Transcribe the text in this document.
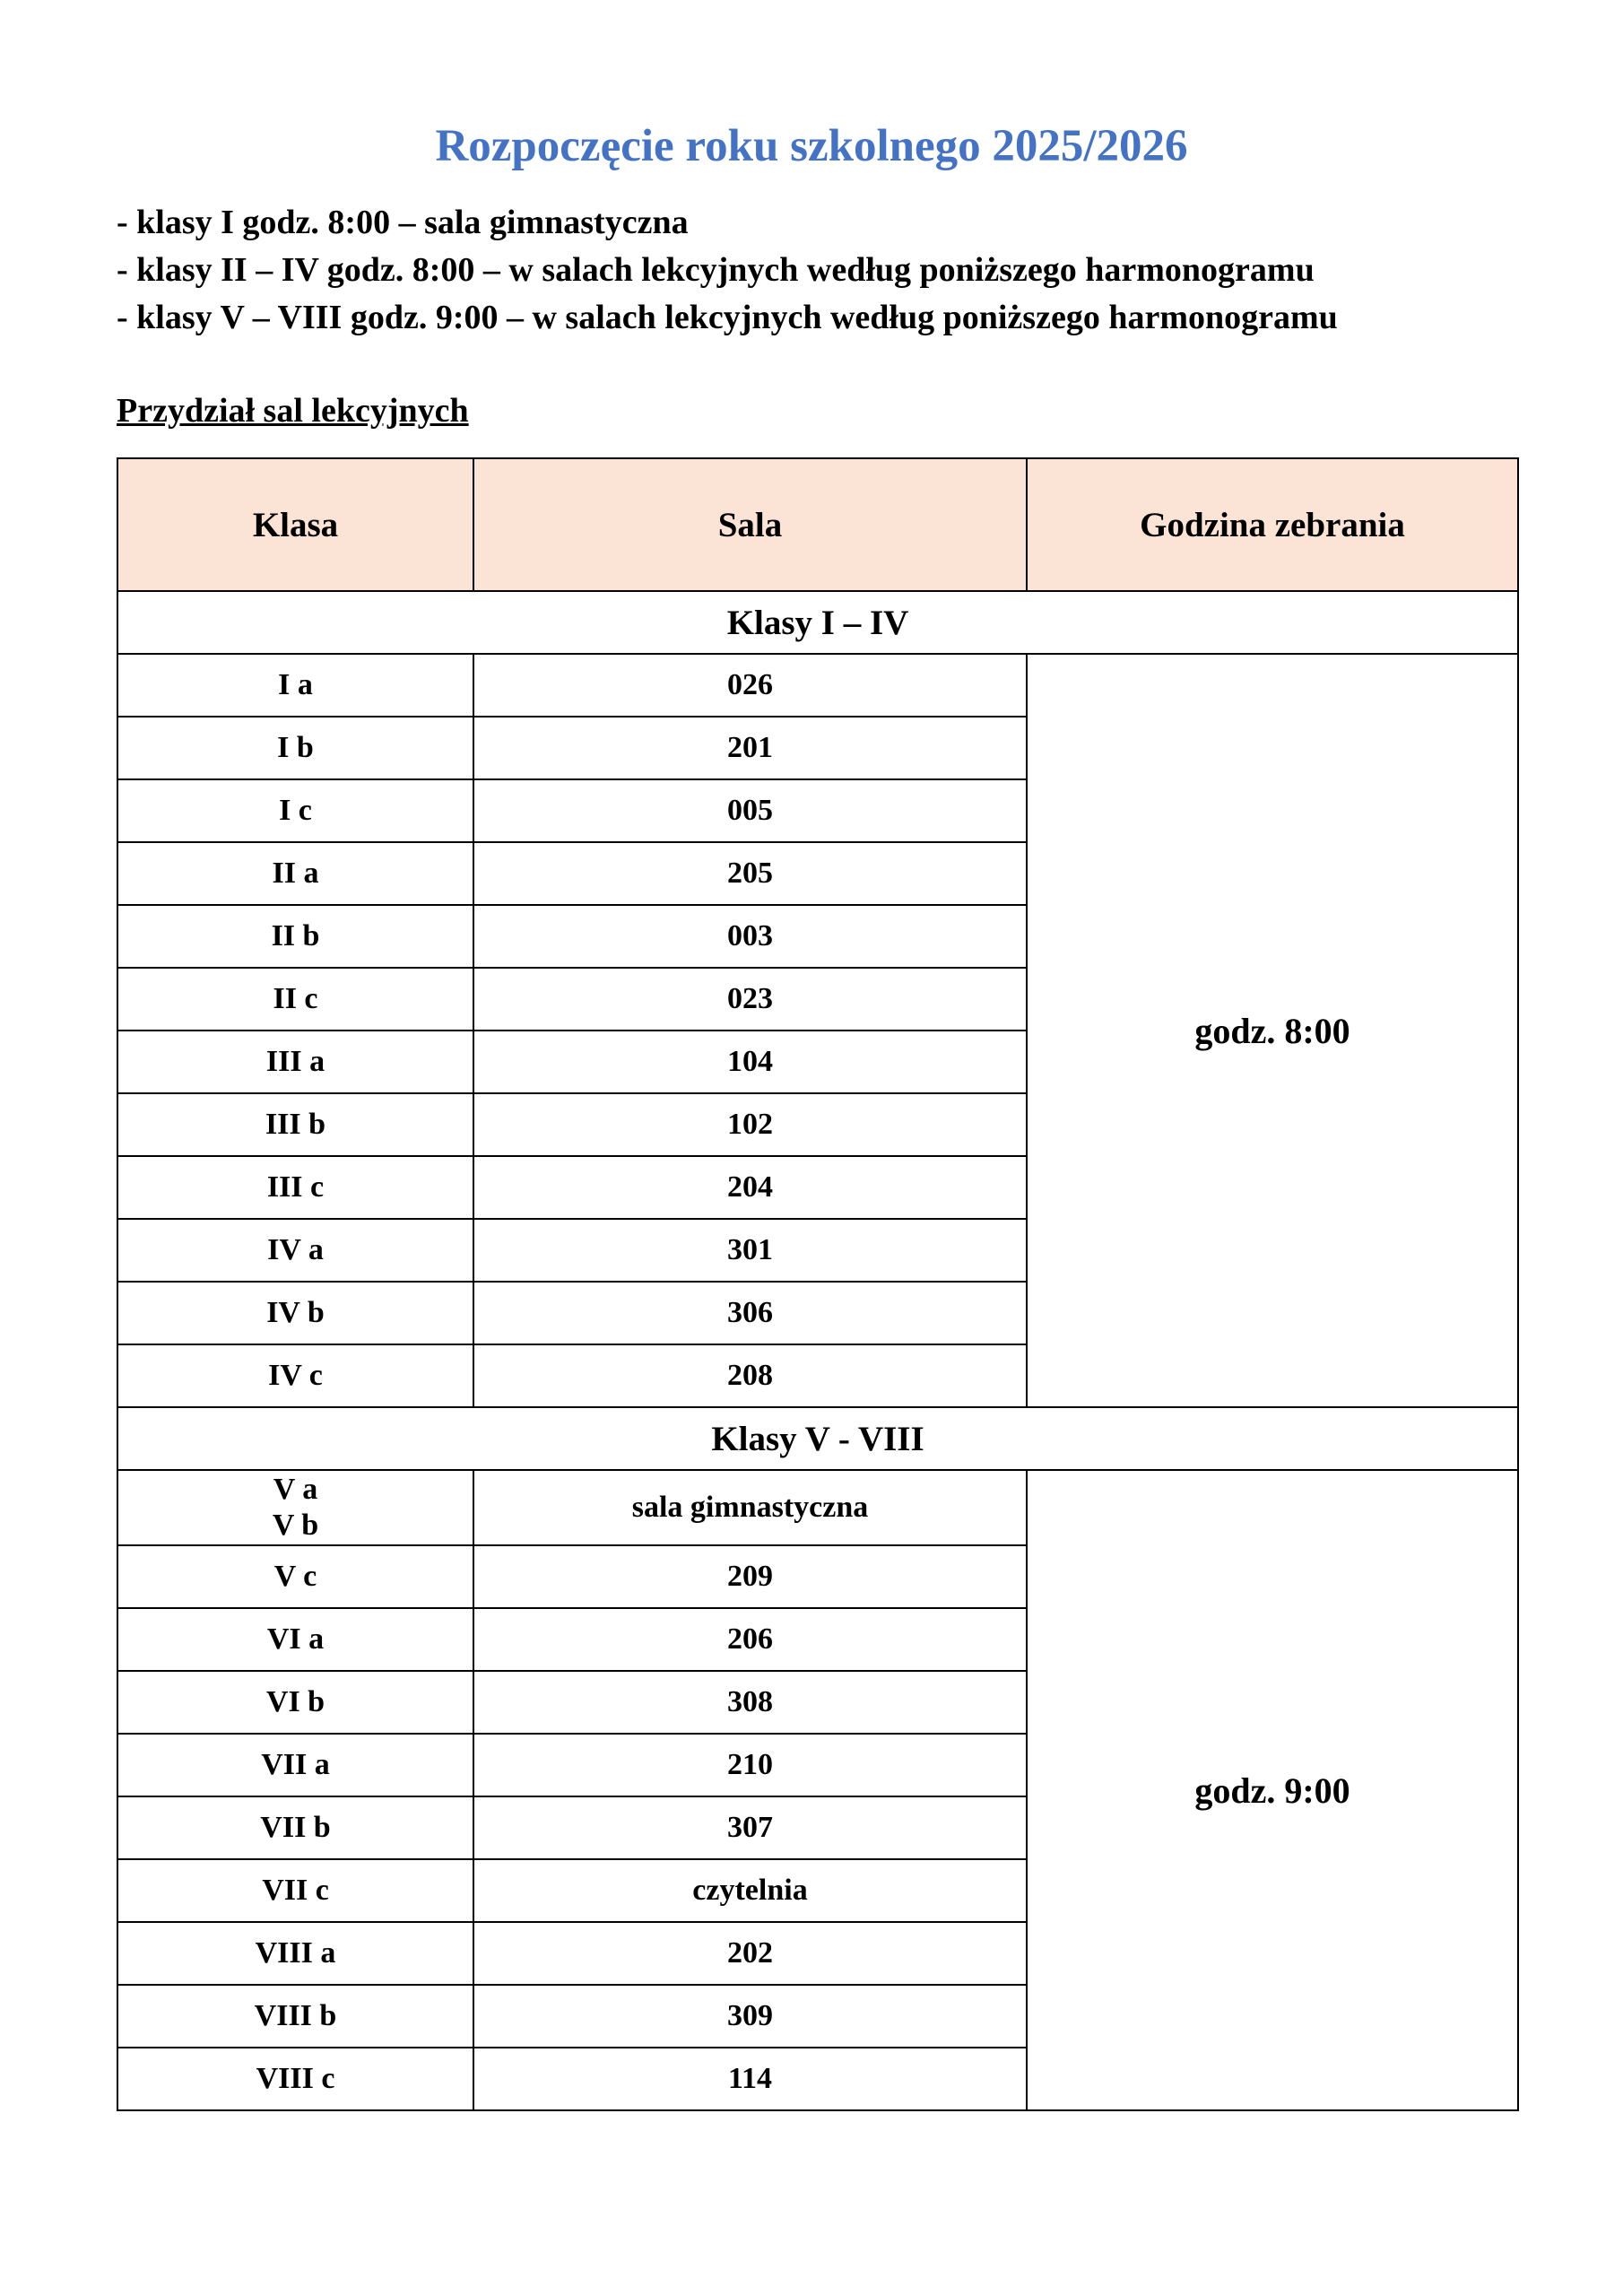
Rozpoczęcie roku szkolnego 2025/2026
- klasy I godz. 8:00 – sala gimnastyczna
- klasy II – IV godz. 8:00 – w salach lekcyjnych według poniższego harmonogramu
- klasy V – VIII godz. 9:00 – w salach lekcyjnych według poniższego harmonogramu
Przydział sal lekcyjnych
Klasa	Sala	Godzina zebrania
Klasy I – IV		
I a	026	godz. 8:00
I b	201	
I c	005	
II a	205	
II b	003	
II c	023	
III a	104	
III b	102	
III c	204	
IV a	301	
IV b	306	
IV c	208	
Klasy V - VIII		

V a
V b	sala gimnastyczna	godz. 9:00
V c	209	
VI a	206	
VI b	308	
VII a	210	
VII b	307	
VII c	czytelnia	
VIII a	202	
VIII b	309	
VIII c	114	
